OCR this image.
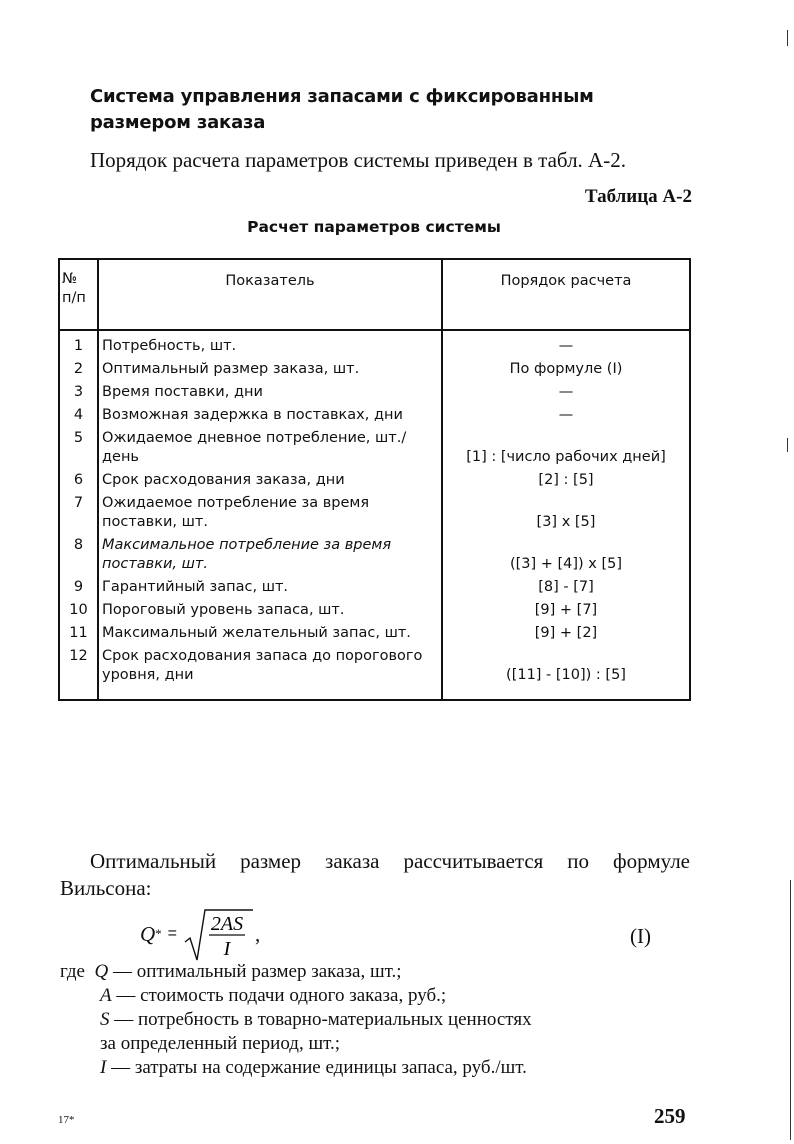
Система управления запасами с фиксированным размером заказа
Порядок расчета параметров системы приведен в табл. А-2.
Таблица А-2
Расчет параметров системы
№ п/п	Показатель	Порядок расчета
1	Потребность, шт.	—
2	Оптимальный размер заказа, шт.	По формуле (I)
3	Время поставки, дни	—
4	Возможная задержка в поставках, дни	—
5	Ожидаемое дневное потребление, шт./день	[1] : [число рабочих дней]
6	Срок расходования заказа, дни	[2] : [5]
7	Ожидаемое потребление за время поставки, шт.	[3] x [5]
8	Максимальное потребление за время поставки, шт.	([3] + [4]) x [5]
9	Гарантийный запас, шт.	[8] - [7]
10	Пороговый уровень запаса, шт.	[9] + [7]
11	Максимальный желательный запас, шт.	[9] + [2]
12	Срок расходования запаса до порогового уровня, дни	([11] - [10]) : [5]
Оптимальный размер заказа рассчитывается по формуле Вильсона:
Q * = 2AS
I
,	(I)
где Q — оптимальный размер заказа, шт.;
A — стоимость подачи одного заказа, руб.;
S — потребность в товарно-материальных ценностях
за определенный период, шт.;
I — затраты на содержание единицы запаса, руб./шт.
17*	259
